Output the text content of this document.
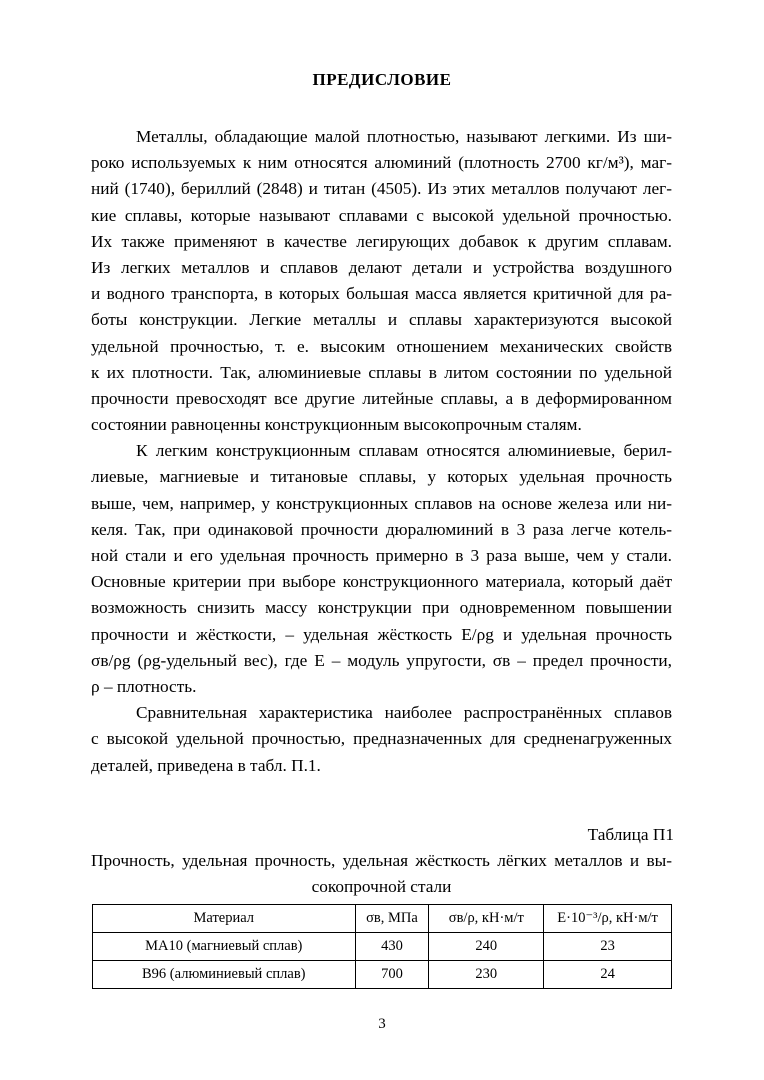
ПРЕДИСЛОВИЕ
Металлы, обладающие малой плотностью, называют легкими. Из ши-
роко используемых к ним относятся алюминий (плотность 2700 кг/м³), маг-
ний (1740), бериллий (2848) и титан (4505). Из этих металлов получают лег-
кие сплавы, которые называют сплавами с высокой удельной прочностью.
Их также применяют в качестве легирующих добавок к другим сплавам.
Из легких металлов и сплавов делают детали и устройства воздушного
и водного транспорта, в которых большая масса является критичной для ра-
боты конструкции. Легкие металлы и сплавы характеризуются высокой
удельной прочностью, т. е. высоким отношением механических свойств
к их плотности. Так, алюминиевые сплавы в литом состоянии по удельной
прочности превосходят все другие литейные сплавы, а в деформированном
состоянии равноценны конструкционным высокопрочным сталям.
К легким конструкционным сплавам относятся алюминиевые, берил-
лиевые, магниевые и титановые сплавы, у которых удельная прочность
выше, чем, например, у конструкционных сплавов на основе железа или ни-
келя. Так, при одинаковой прочности дюралюминий в 3 раза легче котель-
ной стали и его удельная прочность примерно в 3 раза выше, чем у стали.
Основные критерии при выборе конструкционного материала, который даёт
возможность снизить массу конструкции при одновременном повышении
прочности и жёсткости, – удельная жёсткость Е/ρg и удельная прочность
σв/ρg (ρg-удельный вес), где Е – модуль упругости, σв – предел прочности,
ρ – плотность.
Сравнительная характеристика наиболее распространённых сплавов
с высокой удельной прочностью, предназначенных для средненагруженных
деталей, приведена в табл. П.1.
Таблица П1
Прочность, удельная прочность, удельная жёсткость лёгких металлов и вы-
сокопрочной стали
Материал	σв, МПа	σв/ρ, кН·м/т	Е·10⁻³/ρ, кН·м/т
МА10 (магниевый сплав)	430	240	23
В96 (алюминиевый сплав)	700	230	24
3
